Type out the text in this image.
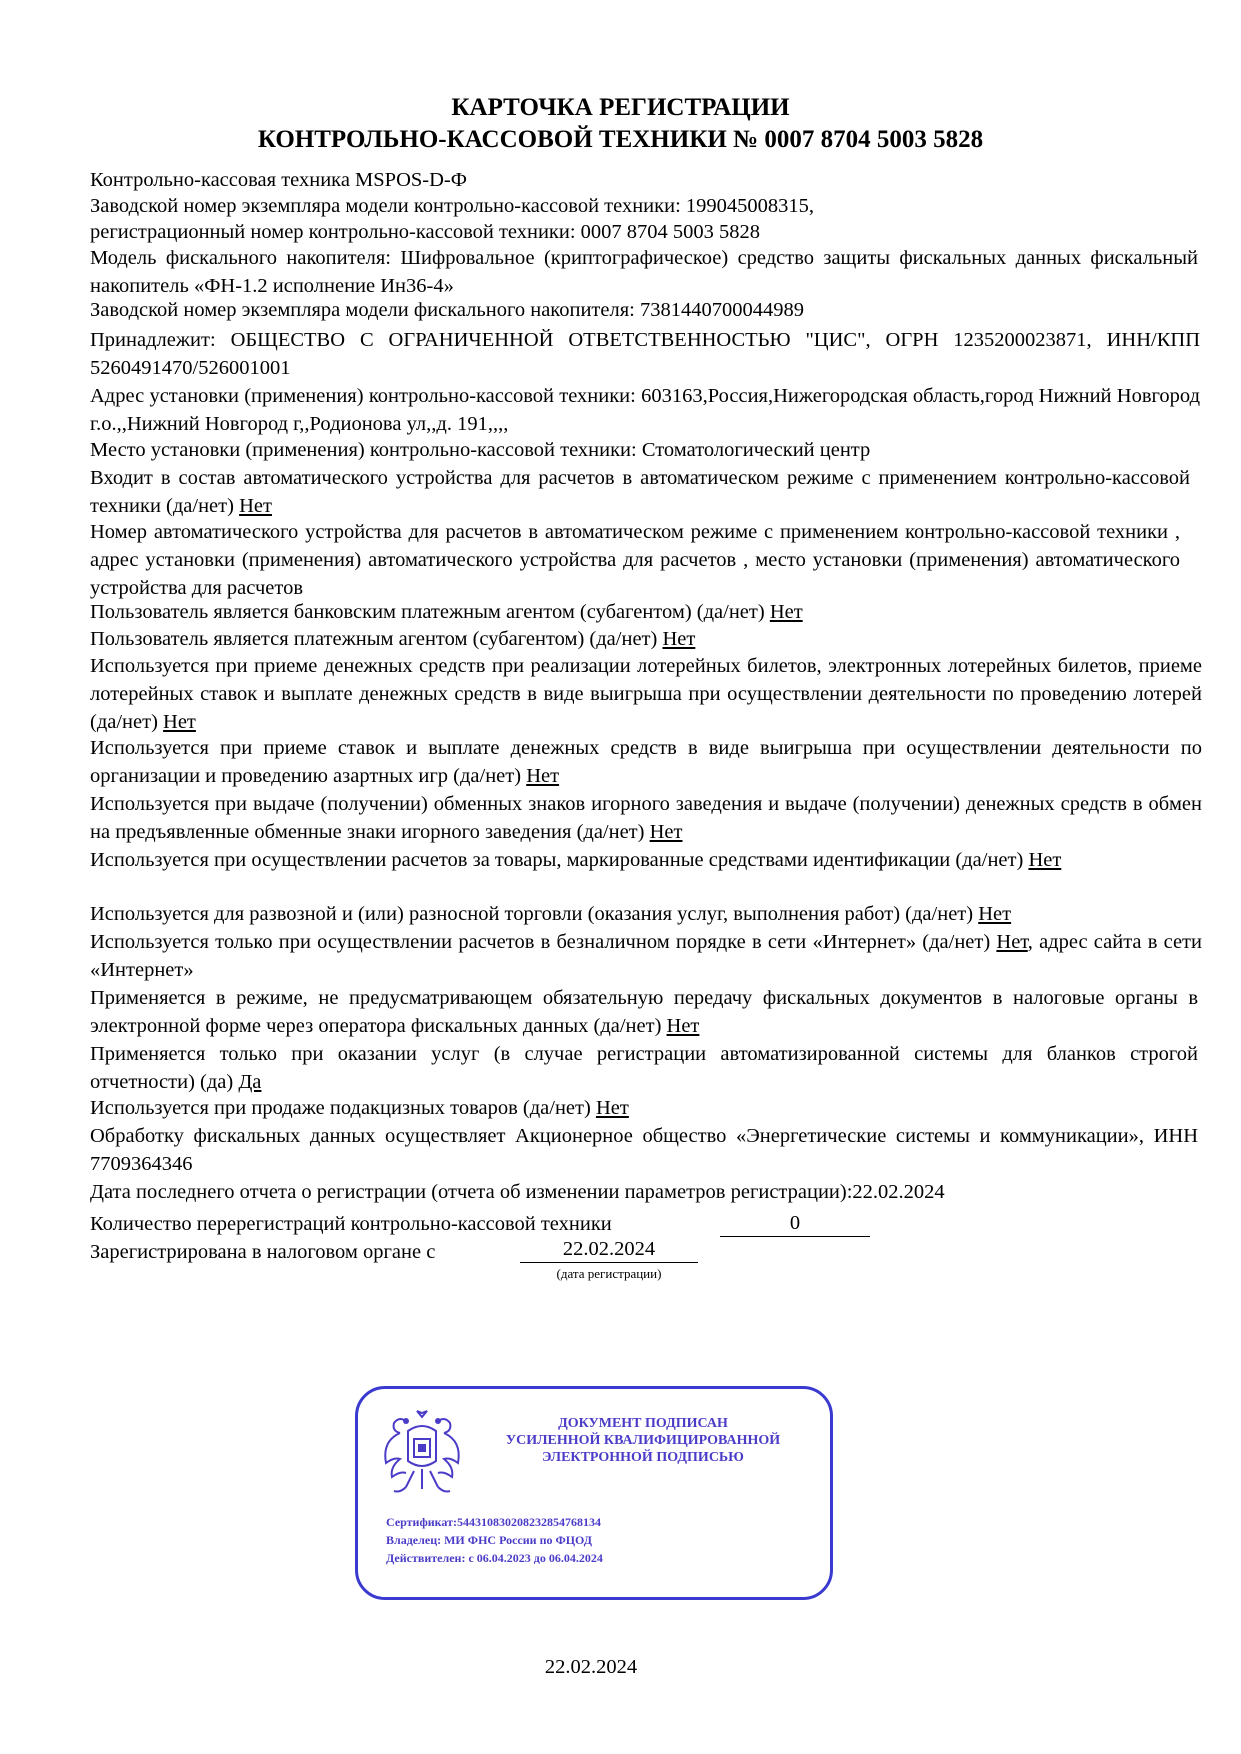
КАРТОЧКА РЕГИСТРАЦИИ
КОНТРОЛЬНО-КАССОВОЙ ТЕХНИКИ № 0007 8704 5003 5828
Контрольно-кассовая техника MSPOS-D-Ф
Заводской номер экземпляра модели контрольно-кассовой техники: 199045008315,
регистрационный номер контрольно-кассовой техники: 0007 8704 5003 5828
Модель фискального накопителя: Шифровальное (криптографическое) средство защиты фискальных данных фискальный накопитель «ФН-1.2 исполнение Ин36-4»
Заводской номер экземпляра модели фискального накопителя: 7381440700044989
Принадлежит: ОБЩЕСТВО С ОГРАНИЧЕННОЙ ОТВЕТСТВЕННОСТЬЮ "ЦИС", ОГРН 1235200023871, ИНН/КПП 5260491470/526001001
Адрес установки (применения) контрольно-кассовой техники: 603163,Россия,Нижегородская область,город Нижний Новгород г.о.,,Нижний Новгород г,,Родионова ул,,д. 191,,,,
Место установки (применения) контрольно-кассовой техники: Стоматологический центр
Входит в состав автоматического устройства для расчетов в автоматическом режиме с применением контрольно-кассовой техники (да/нет) Нет
Номер автоматического устройства для расчетов в автоматическом режиме с применением контрольно-кассовой техники , адрес установки (применения) автоматического устройства для расчетов , место установки (применения) автоматического устройства для расчетов
Пользователь является банковским платежным агентом (субагентом) (да/нет) Нет
Пользователь является платежным агентом (субагентом) (да/нет) Нет
Используется при приеме денежных средств при реализации лотерейных билетов, электронных лотерейных билетов, приеме лотерейных ставок и выплате денежных средств в виде выигрыша при осуществлении деятельности по проведению лотерей (да/нет) Нет
Используется при приеме ставок и выплате денежных средств в виде выигрыша при осуществлении деятельности по организации и проведению азартных игр (да/нет) Нет
Используется при выдаче (получении) обменных знаков игорного заведения и выдаче (получении) денежных средств в обмен на предъявленные обменные знаки игорного заведения (да/нет) Нет
Используется при осуществлении расчетов за товары, маркированные средствами идентификации (да/нет) Нет
Используется для развозной и (или) разносной торговли (оказания услуг, выполнения работ) (да/нет) Нет
Используется только при осуществлении расчетов в безналичном порядке в сети «Интернет» (да/нет) Нет, адрес сайта в сети «Интернет»
Применяется в режиме, не предусматривающем обязательную передачу фискальных документов в налоговые органы в электронной форме через оператора фискальных данных (да/нет) Нет
Применяется только при оказании услуг (в случае регистрации автоматизированной системы для бланков строгой отчетности) (да) Да
Используется при продаже подакцизных товаров (да/нет) Нет
Обработку фискальных данных осуществляет Акционерное общество «Энергетические системы и коммуникации», ИНН 7709364346
Дата последнего отчета о регистрации (отчета об изменении параметров регистрации):22.02.2024
Количество перерегистраций контрольно-кассовой техники	0
Зарегистрирована в налоговом органе с	22.02.2024
(дата регистрации)
ДОКУМЕНТ ПОДПИСАН
УСИЛЕННОЙ КВАЛИФИЦИРОВАННОЙ
ЭЛЕКТРОННОЙ ПОДПИСЬЮ
Сертификат:544310830208232854768134
Владелец: МИ ФНС России по ФЦОД
Действителен: с 06.04.2023 до 06.04.2024
22.02.2024
